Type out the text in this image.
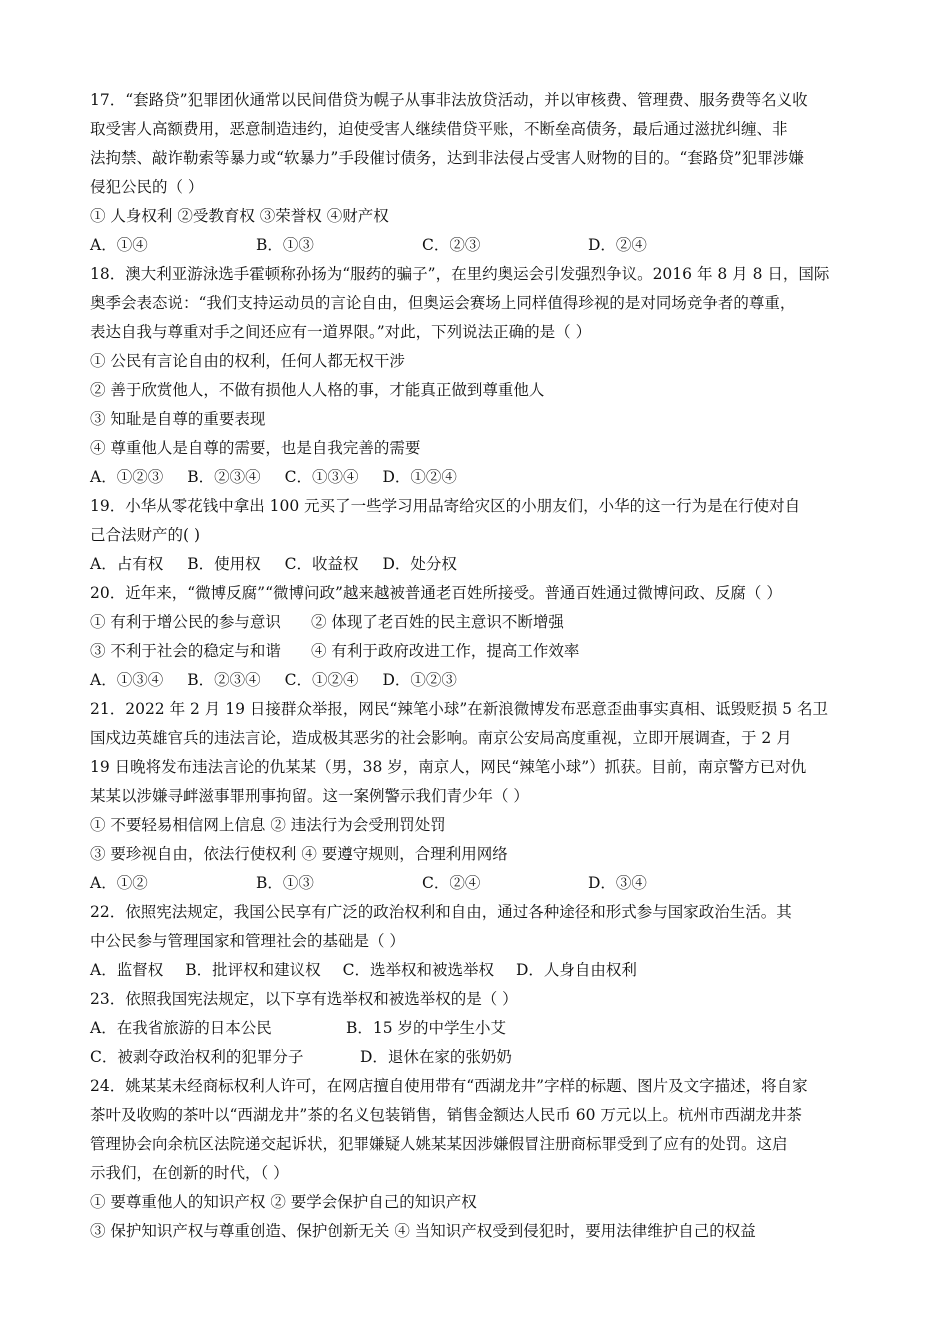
17．“套路贷”犯罪团伙通常以民间借贷为幌子从事非法放贷活动，并以审核费、管理费、服务费等名义收
取受害人高额费用，恶意制造违约，迫使受害人继续借贷平账，不断垒高债务，最后通过滋扰纠缠、非
法拘禁、敲诈勒索等暴力或“软暴力”手段催讨债务，达到非法侵占受害人财物的目的。“套路贷”犯罪涉嫌
侵犯公民的（ ）
① 人身权利 ②受教育权 ③荣誉权 ④财产权
A．①④	B．①③	C．②③	D．②④
18．澳大利亚游泳选手霍顿称孙扬为“服药的骗子”，在里约奥运会引发强烈争议。2016 年 8 月 8 日，国际
奥季会表态说：“我们支持运动员的言论自由，但奥运会赛场上同样值得珍视的是对同场竞争者的尊重，
表达自我与尊重对手之间还应有一道界限。”对此，下列说法正确的是（ ）
① 公民有言论自由的权利，任何人都无权干涉
② 善于欣赏他人，不做有损他人人格的事，才能真正做到尊重他人
③ 知耻是自尊的重要表现
④ 尊重他人是自尊的需要，也是自我完善的需要
A．①②③ B．②③④ C．①③④ D．①②④
19．小华从零花钱中拿出 100 元买了一些学习用品寄给灾区的小朋友们，小华的这一行为是在行使对自
己合法财产的( )
A．占有权 B．使用权 C．收益权 D．处分权
20．近年来，“微博反腐”“微博问政”越来越被普通老百姓所接受。普通百姓通过微博问政、反腐（ ）
① 有利于增公民的参与意识 ② 体现了老百姓的民主意识不断增强
③ 不利于社会的稳定与和谐 ④ 有利于政府改进工作，提高工作效率
A．①③④ B．②③④ C．①②④ D．①②③
21．2022 年 2 月 19 日接群众举报，网民“辣笔小球”在新浪微博发布恶意歪曲事实真相、诋毁贬损 5 名卫
国戍边英雄官兵的违法言论，造成极其恶劣的社会影响。南京公安局高度重视，立即开展调查，于 2 月
19 日晚将发布违法言论的仇某某（男，38 岁，南京人，网民“辣笔小球”）抓获。目前，南京警方已对仇
某某以涉嫌寻衅滋事罪刑事拘留。这一案例警示我们青少年（ ）
① 不要轻易相信网上信息 ② 违法行为会受刑罚处罚
③ 要珍视自由，依法行使权利 ④ 要遵守规则，合理利用网络
A．①②	B．①③	C．②④	D．③④
22．依照宪法规定，我国公民享有广泛的政治权利和自由，通过各种途径和形式参与国家政治生活。其
中公民参与管理国家和管理社会的基础是（ ）
A．监督权 B．批评权和建议权 C．选举权和被选举权 D．人身自由权利
23．依照我国宪法规定，以下享有选举权和被选举权的是（ ）
A．在我省旅游的日本公民	B．15 岁的中学生小艾
C．被剥夺政治权利的犯罪分子	D．退休在家的张奶奶
24．姚某某未经商标权利人许可，在网店擅自使用带有“西湖龙井”字样的标题、图片及文字描述，将自家
茶叶及收购的茶叶以“西湖龙井”茶的名义包装销售，销售金额达人民币 60 万元以上。杭州市西湖龙井茶
管理协会向余杭区法院递交起诉状，犯罪嫌疑人姚某某因涉嫌假冒注册商标罪受到了应有的处罚。这启
示我们，在创新的时代，（ ）
① 要尊重他人的知识产权 ② 要学会保护自己的知识产权
③ 保护知识产权与尊重创造、保护创新无关 ④ 当知识产权受到侵犯时，要用法律维护自己的权益
